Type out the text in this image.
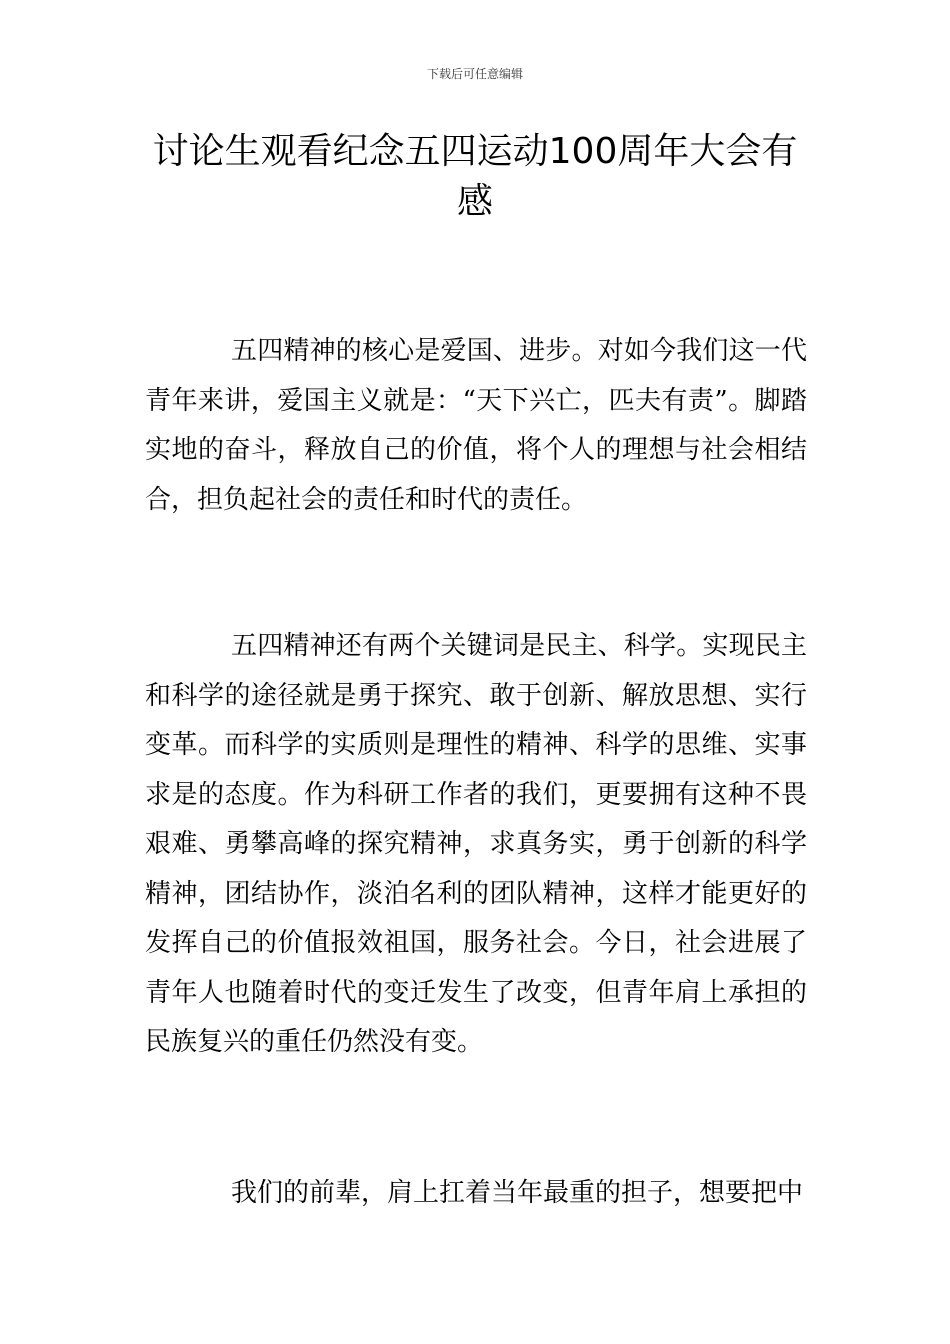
下载后可任意编辑
讨论生观看纪念五四运动100周年大会有感

五四精神的核心是爱国、进步。对如今我们这一代青年来讲，爱国主义就是：“天下兴亡，匹夫有责”。脚踏实地的奋斗，释放自己的价值，将个人的理想与社会相结合，担负起社会的责任和时代的责任。

五四精神还有两个关键词是民主、科学。实现民主和科学的途径就是勇于探究、敢于创新、解放思想、实行变革。而科学的实质则是理性的精神、科学的思维、实事求是的态度。作为科研工作者的我们，更要拥有这种不畏艰难、勇攀高峰的探究精神，求真务实，勇于创新的科学精神，团结协作，淡泊名利的团队精神，这样才能更好的发挥自己的价值报效祖国，服务社会。今日，社会进展了青年人也随着时代的变迁发生了改变，但青年肩上承担的民族复兴的重任仍然没有变。

我们的前辈，肩上扛着当年最重的担子，想要把中
